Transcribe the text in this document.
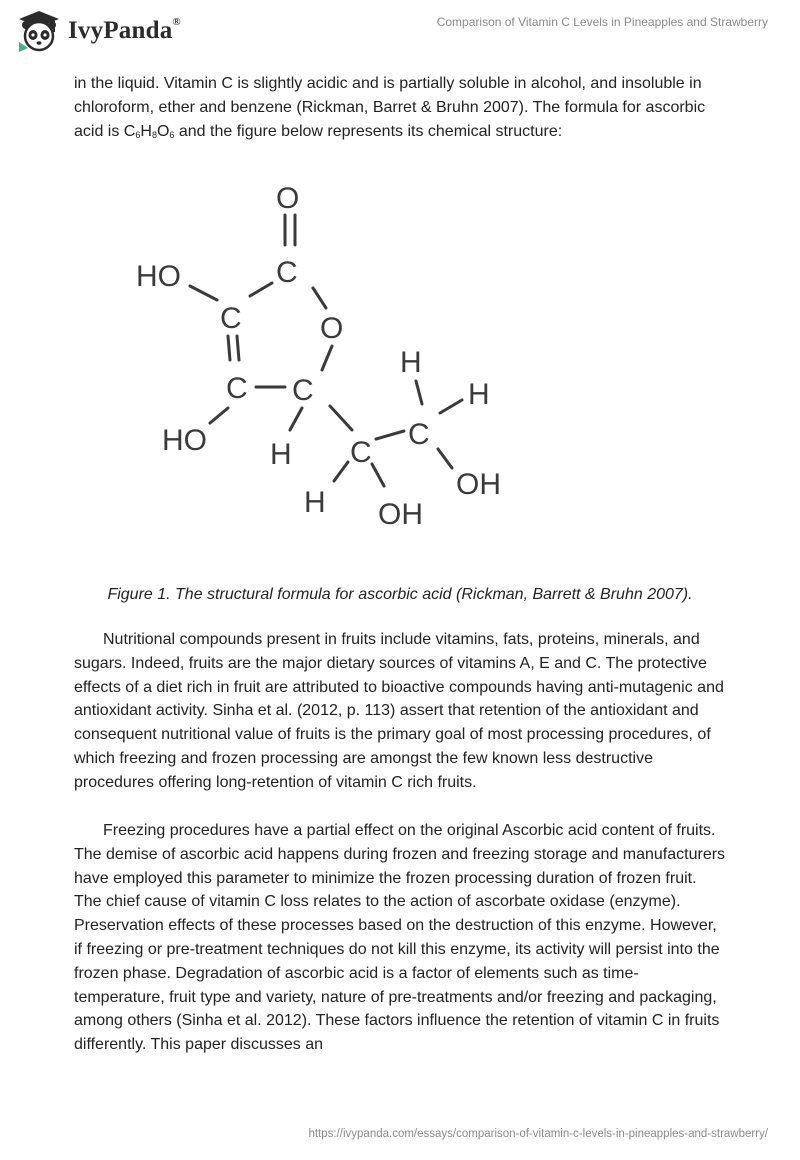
IvyPanda®	Comparison of Vitamin C Levels in Pineapples and Strawberry

in the liquid. Vitamin C is slightly acidic and is partially soluble in alcohol, and insoluble in chloroform, ether and benzene (Rickman, Barret & Bruhn 2007). The formula for ascorbic acid is $C_6H_8O_6$ and the figure below represents its chemical structure:

O
C
HO
C	O
C C
HO H
H
C
C
H
OH
H OH
Figure 1. The structural formula for ascorbic acid (Rickman, Barrett & Bruhn 2007).

Nutritional compounds present in fruits include vitamins, fats, proteins, minerals, and sugars. Indeed, fruits are the major dietary sources of vitamins A, E and C. The protective effects of a diet rich in fruit are attributed to bioactive compounds having anti-mutagenic and antioxidant activity. Sinha et al. (2012, p. 113) assert that retention of the antioxidant and consequent nutritional value of fruits is the primary goal of most processing procedures, of which freezing and frozen processing are amongst the few known less destructive procedures offering long-retention of vitamin C rich fruits.

Freezing procedures have a partial effect on the original Ascorbic acid content of fruits. The demise of ascorbic acid happens during frozen and freezing storage and manufacturers have employed this parameter to minimize the frozen processing duration of frozen fruit. The chief cause of vitamin C loss relates to the action of ascorbate oxidase (enzyme). Preservation effects of these processes based on the destruction of this enzyme. However, if freezing or pre-treatment techniques do not kill this enzyme, its activity will persist into the frozen phase. Degradation of ascorbic acid is a factor of elements such as time-temperature, fruit type and variety, nature of pre-treatments and/or freezing and packaging, among others (Sinha et al. 2012). These factors influence the retention of vitamin C in fruits differently. This paper discusses an

https://ivypanda.com/essays/comparison-of-vitamin-c-levels-in-pineapples-and-strawberry/
